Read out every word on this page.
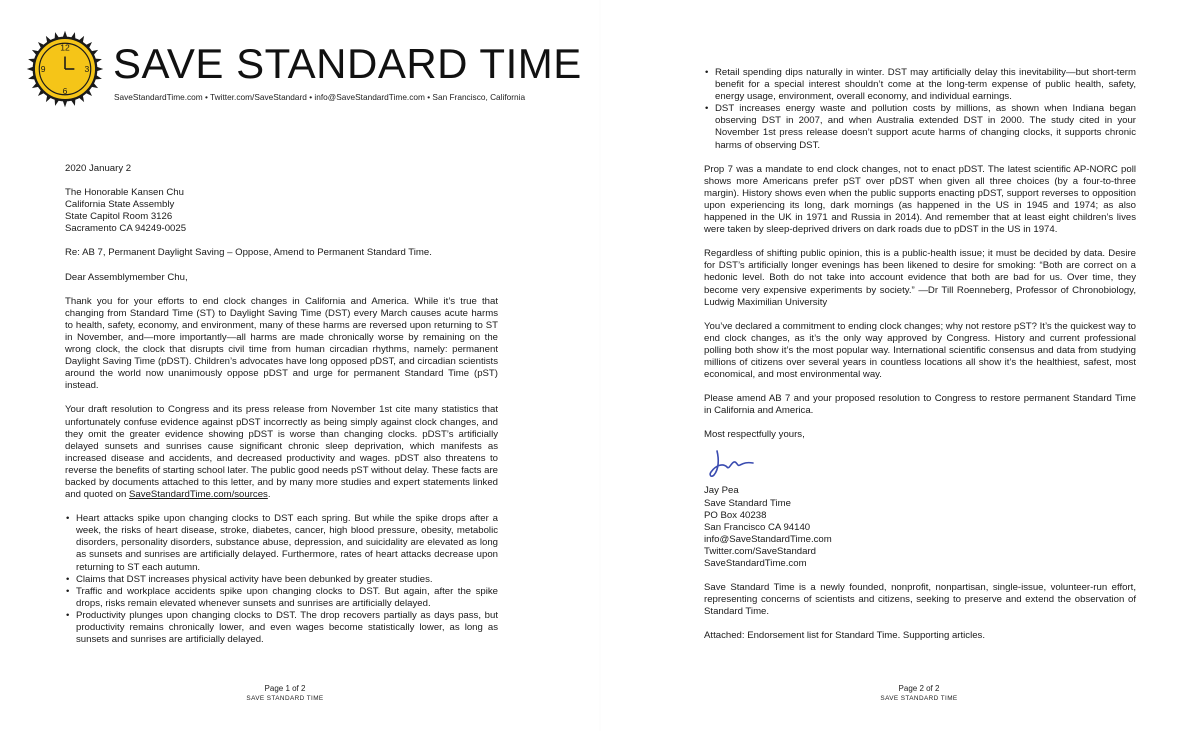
12
3
6
9 SAVE STANDARD TIME
SaveStandardTime.com • Twitter.com/SaveStandard • info@SaveStandardTime.com • San Francisco, California

2020 January 2

The Honorable Kansen Chu
California State Assembly
State Capitol Room 3126
Sacramento CA 94249-0025

Re: AB 7, Permanent Daylight Saving – Oppose, Amend to Permanent Standard Time.

Dear Assemblymember Chu,

Thank you for your efforts to end clock changes in California and America. While it’s true that changing from Standard Time (ST) to Daylight Saving Time (DST) every March causes acute harms to health, safety, economy, and environment, many of these harms are reversed upon returning to ST in November, and—more importantly—all harms are made chronically worse by remaining on the wrong clock, the clock that disrupts civil time from human circadian rhythms, namely: permanent Daylight Saving Time (pDST). Children’s advocates have long opposed pDST, and circadian scientists around the world now unanimously oppose pDST and urge for permanent Standard Time (pST) instead.

Your draft resolution to Congress and its press release from November 1st cite many statistics that unfortunately confuse evidence against pDST incorrectly as being simply against clock changes, and they omit the greater evidence showing pDST is worse than changing clocks. pDST’s artificially delayed sunsets and sunrises cause significant chronic sleep deprivation, which manifests as increased disease and accidents, and decreased productivity and wages. pDST also threatens to reverse the benefits of starting school later. The public good needs pST without delay. These facts are backed by documents attached to this letter, and by many more studies and expert statements linked and quoted on SaveStandardTime.com/sources.

• Heart attacks spike upon changing clocks to DST each spring. But while the spike drops after a week, the risks of heart disease, stroke, diabetes, cancer, high blood pressure, obesity, metabolic disorders, personality disorders, substance abuse, depression, and suicidality are elevated as long as sunsets and sunrises are artificially delayed. Furthermore, rates of heart attacks decrease upon returning to ST each autumn.
• Claims that DST increases physical activity have been debunked by greater studies.
• Traffic and workplace accidents spike upon changing clocks to DST. But again, after the spike drops, risks remain elevated whenever sunsets and sunrises are artificially delayed.
• Productivity plunges upon changing clocks to DST. The drop recovers partially as days pass, but productivity remains chronically lower, and even wages become statistically lower, as long as sunsets and sunrises are artificially delayed.
Page 1 of 2
SAVE STANDARD TIME
• Retail spending dips naturally in winter. DST may artificially delay this inevitability—but short-term benefit for a special interest shouldn’t come at the long-term expense of public health, safety, energy usage, environment, overall economy, and individual earnings.
• DST increases energy waste and pollution costs by millions, as shown when Indiana began observing DST in 2007, and when Australia extended DST in 2000. The study cited in your November 1st press release doesn’t support acute harms of changing clocks, it supports chronic harms of observing DST.

Prop 7 was a mandate to end clock changes, not to enact pDST. The latest scientific AP-NORC poll shows more Americans prefer pST over pDST when given all three choices (by a four-to-three margin). History shows even when the public supports enacting pDST, support reverses to opposition upon experiencing its long, dark mornings (as happened in the US in 1945 and 1974; as also happened in the UK in 1971 and Russia in 2014). And remember that at least eight children’s lives were taken by sleep-deprived drivers on dark roads due to pDST in the US in 1974.

Regardless of shifting public opinion, this is a public-health issue; it must be decided by data. Desire for DST’s artificially longer evenings has been likened to desire for smoking: “Both are correct on a hedonic level. Both do not take into account evidence that both are bad for us. Over time, they become very expensive experiments by society.” —Dr Till Roenneberg, Professor of Chronobiology, Ludwig Maximilian University

You’ve declared a commitment to ending clock changes; why not restore pST? It’s the quickest way to end clock changes, as it’s the only way approved by Congress. History and current professional polling both show it’s the most popular way. International scientific consensus and data from studying millions of citizens over several years in countless locations all show it’s the healthiest, safest, most economical, and most environmental way.

Please amend AB 7 and your proposed resolution to Congress to restore permanent Standard Time in California and America.

Most respectfully yours,

Jay Pea
Save Standard Time
PO Box 40238
San Francisco CA 94140
info@SaveStandardTime.com
Twitter.com/SaveStandard
SaveStandardTime.com

Save Standard Time is a newly founded, nonprofit, nonpartisan, single-issue, volunteer-run effort, representing concerns of scientists and citizens, seeking to preserve and extend the observation of Standard Time.

Attached: Endorsement list for Standard Time. Supporting articles.

Page 2 of 2
SAVE STANDARD TIME
